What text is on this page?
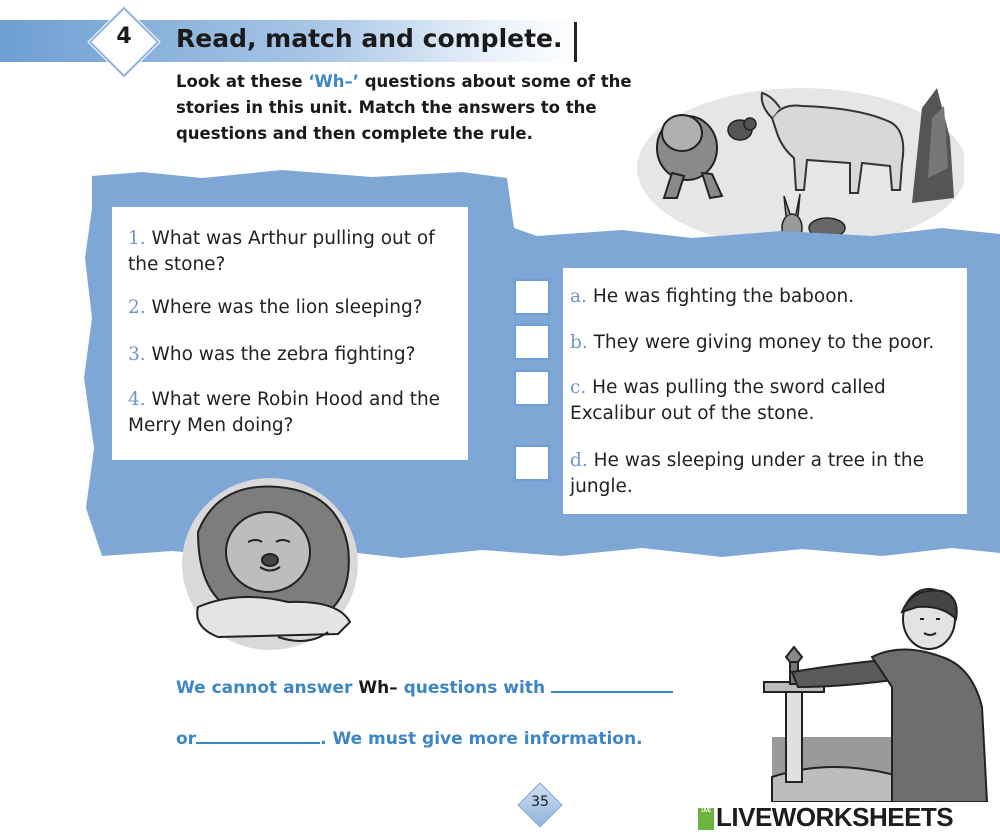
4	Read, match and complete.
Look at these ‘Wh–’ questions about some of the stories in this unit. Match the answers to the questions and then complete the rule.
1. What was Arthur pulling out of the stone?
2. Where was the lion sleeping?
3. Who was the zebra fighting?
4. What were Robin Hood and the Merry Men doing?
a. He was fighting the baboon.
b. They were giving money to the poor.
c. He was pulling the sword called Excalibur out of the stone.
d. He was sleeping under a tree in the jungle.
We cannot answer Wh– questions with
or	. We must give more information.
35
LIVE LIVEWORKSHEETS
